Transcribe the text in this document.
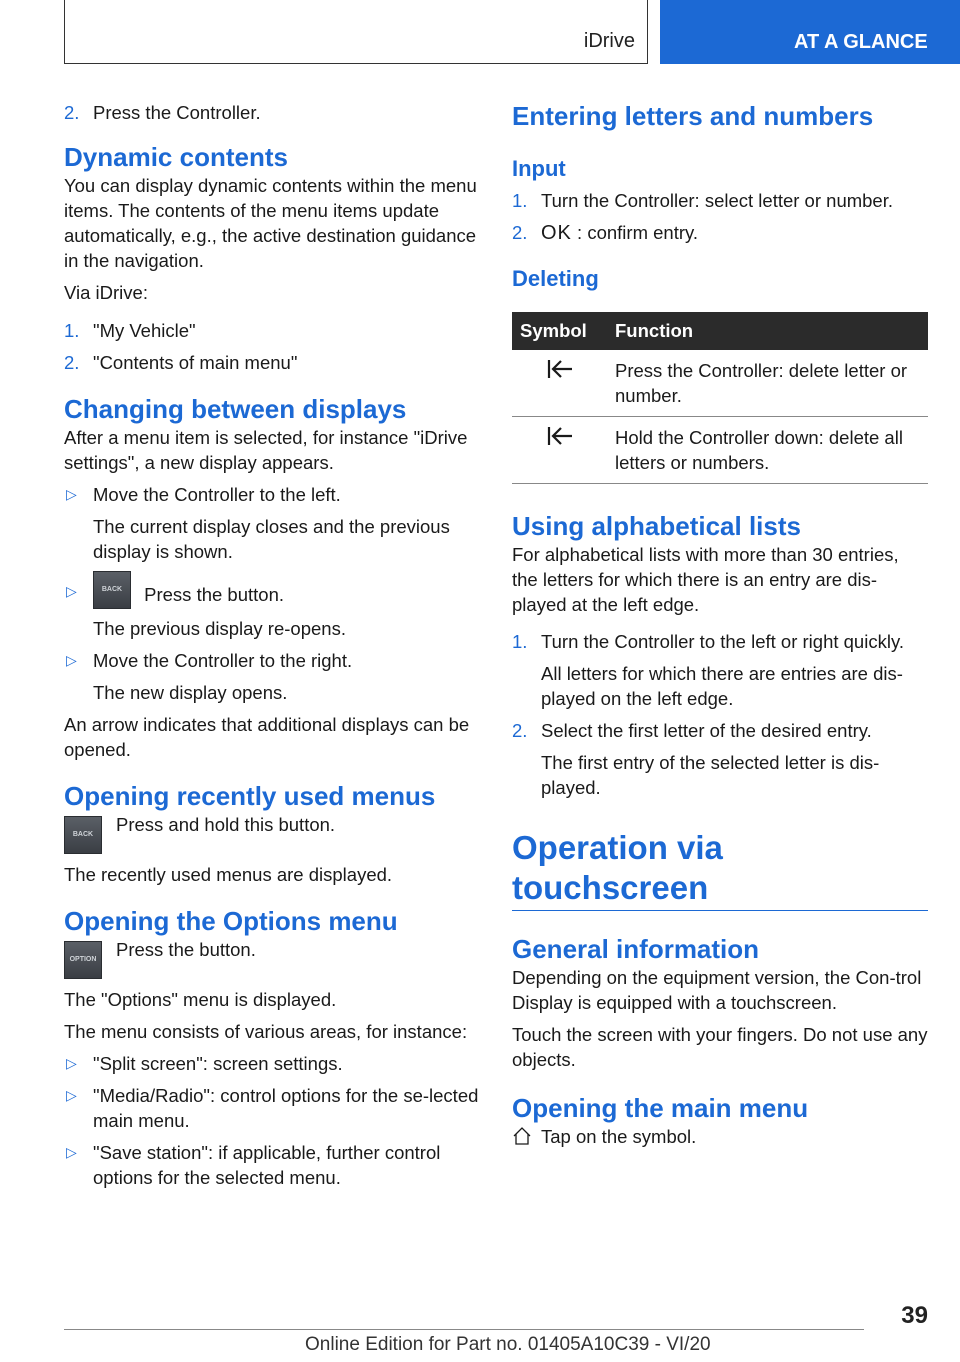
iDrive	AT A GLANCE
2. Press the Controller.
Dynamic contents

You can display dynamic contents within the menu items. The contents of the menu items update automatically, e.g., the active destination guidance in the navigation.

Via iDrive:

1. "My Vehicle"
2. "Contents of main menu"
Changing between displays

After a menu item is selected, for instance "iDrive settings", a new display appears.

▷ Move the Controller to the left.
The current display closes and the previous display is shown.
▷	BACK Press the button.
The previous display re-opens.
▷ Move the Controller to the right.
The new display opens.

An arrow indicates that additional displays can be opened.

Opening recently used menus
BACK	Press and hold this button.

The recently used menus are displayed.

Opening the Options menu
OPTION	Press the button.

The "Options" menu is displayed.

The menu consists of various areas, for instance:

▷ "Split screen": screen settings.
▷ "Media/Radio": control options for the se‐lected main menu.
▷ "Save station": if applicable, further control options for the selected menu.
Entering letters and numbers
Input
1. Turn the Controller: select letter or number.
2. OK : confirm entry.
Deleting
Symbol	Function
	Press the Controller: delete letter or number.
	Hold the Controller down: delete all letters or numbers.
Using alphabetical lists

For alphabetical lists with more than 30 entries, the letters for which there is an entry are dis‐played at the left edge.

1. Turn the Controller to the left or right quickly.
All letters for which there are entries are dis‐played on the left edge.
2. Select the first letter of the desired entry.
The first entry of the selected letter is dis‐played.
Operation via touchscreen
General information

Depending on the equipment version, the Con‐trol Display is equipped with a touchscreen.

Touch the screen with your fingers. Do not use any objects.

Opening the main menu

Tap on the symbol.

39
Online Edition for Part no. 01405A10C39 - VI/20
